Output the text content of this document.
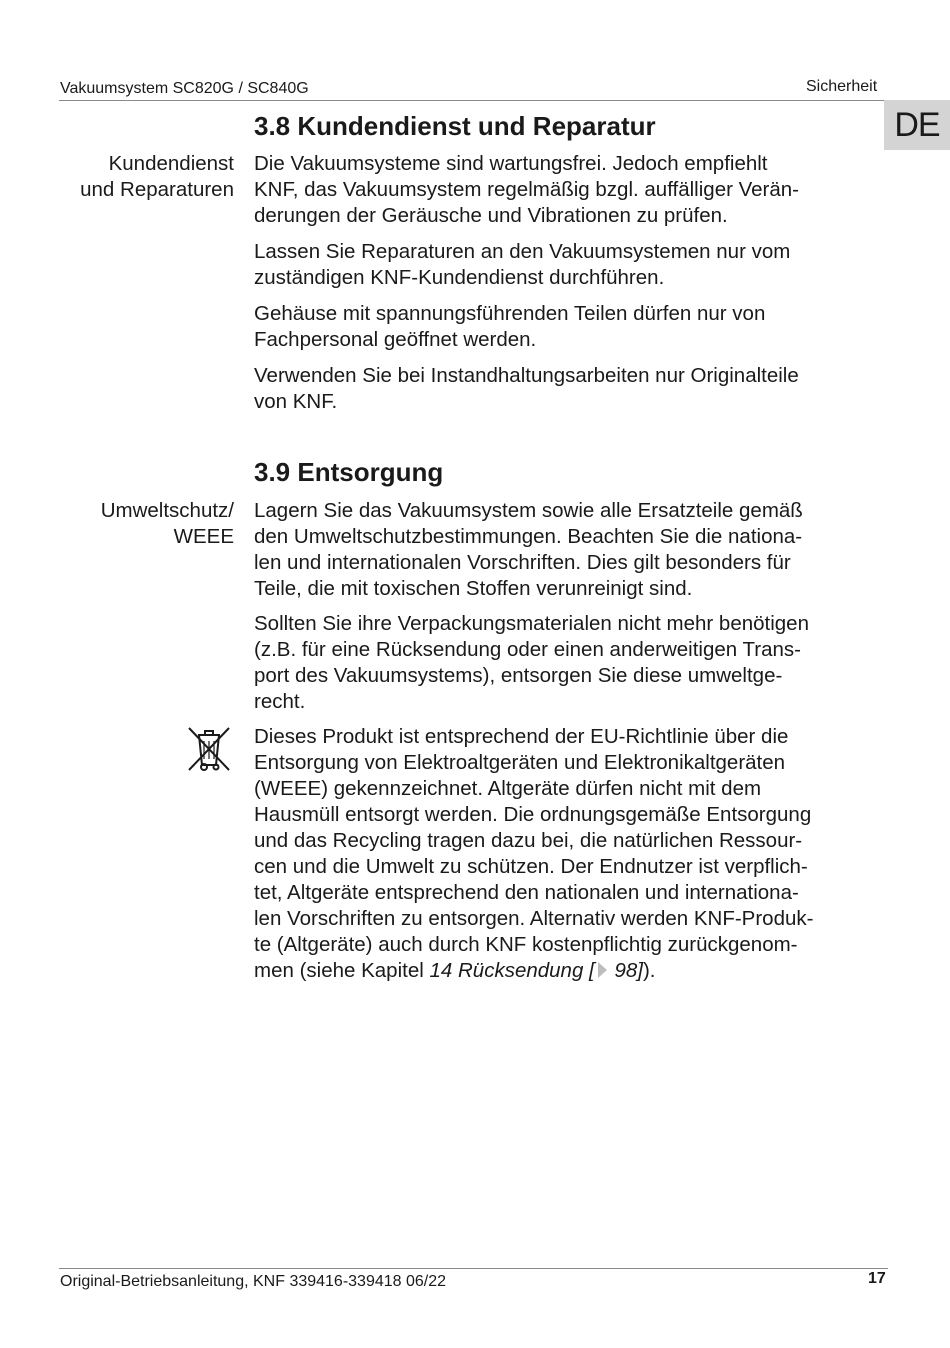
Vakuumsystem SC820G / SC840G	Sicherheit
DE
3.8 Kundendienst und Reparatur
Kundendienst
und Reparaturen

Die Vakuumsysteme sind wartungsfrei. Jedoch empfiehlt
KNF, das Vakuumsystem regelmäßig bzgl. auffälliger Verän-
derungen der Geräusche und Vibrationen zu prüfen.

Lassen Sie Reparaturen an den Vakuumsystemen nur vom
zuständigen KNF-Kundendienst durchführen.

Gehäuse mit spannungsführenden Teilen dürfen nur von
Fachpersonal geöffnet werden.

Verwenden Sie bei Instandhaltungsarbeiten nur Originalteile
von KNF.

3.9 Entsorgung
Umweltschutz/
WEEE

Lagern Sie das Vakuumsystem sowie alle Ersatzteile gemäß
den Umweltschutzbestimmungen. Beachten Sie die nationa-
len und internationalen Vorschriften. Dies gilt besonders für
Teile, die mit toxischen Stoffen verunreinigt sind.

Sollten Sie ihre Verpackungsmaterialen nicht mehr benötigen
(z.B. für eine Rücksendung oder einen anderweitigen Trans-
port des Vakuumsystems), entsorgen Sie diese umweltge-
recht.

Dieses Produkt ist entsprechend der EU-Richtlinie über die
Entsorgung von Elektroaltgeräten und Elektronikaltgeräten
(WEEE) gekennzeichnet. Altgeräte dürfen nicht mit dem
Hausmüll entsorgt werden. Die ordnungsgemäße Entsorgung
und das Recycling tragen dazu bei, die natürlichen Ressour-
cen und die Umwelt zu schützen. Der Endnutzer ist verpflich-
tet, Altgeräte entsprechend den nationalen und internationa-
len Vorschriften zu entsorgen. Alternativ werden KNF-Produk-
te (Altgeräte) auch durch KNF kostenpflichtig zurückgenom-
men (siehe Kapitel 14 Rücksendung [ 98]).

Original-Betriebsanleitung, KNF 339416-339418 06/22	17
